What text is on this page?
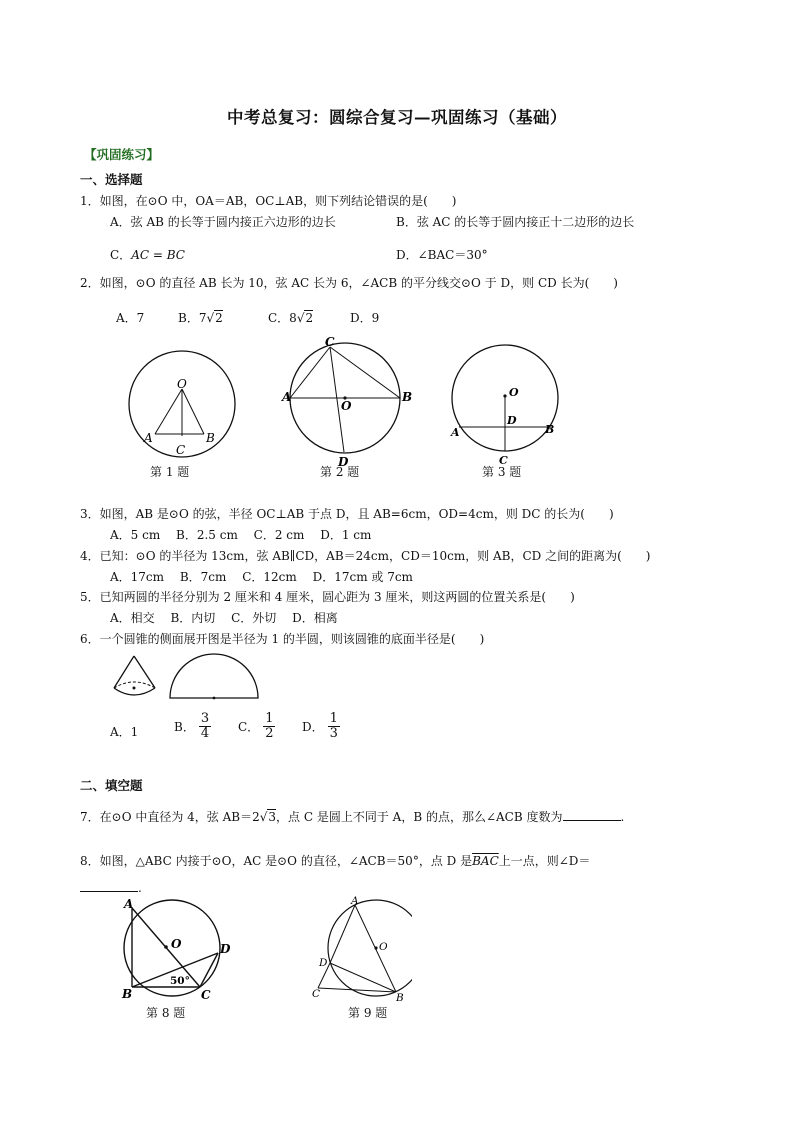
中考总复习：圆综合复习—巩固练习（基础）
【巩固练习】
一、选择题
1．如图，在⊙O 中，OA＝AB，OC⊥AB，则下列结论错误的是(　　)
A．弦 AB 的长等于圆内接正六边形的边长	B．弦 AC 的长等于圆内接正十二边形的边长
C．AC = BC	D．∠BAC＝30°
2．如图，⊙O 的直径 AB 长为 10，弦 AC 长为 6，∠ACB 的平分线交⊙O 于 D，则 CD 长为(　　)
A．7	B．7√2	C．8√2	D．9
O
A	B
C
C
A
O
B
D
O
D
A	B
C
第 1 题	第 2 题	第 3 题
3．如图，AB 是⊙O 的弦，半径 OC⊥AB 于点 D，且 AB=6cm，OD=4cm，则 DC 的长为(　　)
A．5 cm　 B．2.5 cm　 C．2 cm　 D．1 cm
4．已知：⊙O 的半径为 13cm，弦 AB∥CD，AB＝24cm，CD＝10cm，则 AB，CD 之间的距离为(　　)
A．17cm　 B．7cm　 C．12cm　 D．17cm 或 7cm
5．已知两圆的半径分别为 2 厘米和 4 厘米，圆心距为 3 厘米，则这两圆的位置关系是(　　)
A．相交　 B．内切　 C．外切　 D．相离
6．一个圆锥的侧面展开图是半径为 1 的半圆，则该圆锥的底面半径是(　　)
A．1	B． $\frac{3}{4}$ C． $\frac{1}{2}$ D． $\frac{1}{3}$
二、填空题
7．在⊙O 中直径为 4，弦 AB＝2√3，点 C 是圆上不同于 A，B 的点，那么∠ACB 度数为	.
8．如图，△ABC 内接于⊙O，AC 是⊙O 的直径，∠ACB＝50°，点 D 是$\overline{BAC}$上一点，则∠D＝
.
A
O	D
B	C
50°
A
O
D
C	B
第 8 题	第 9 题
